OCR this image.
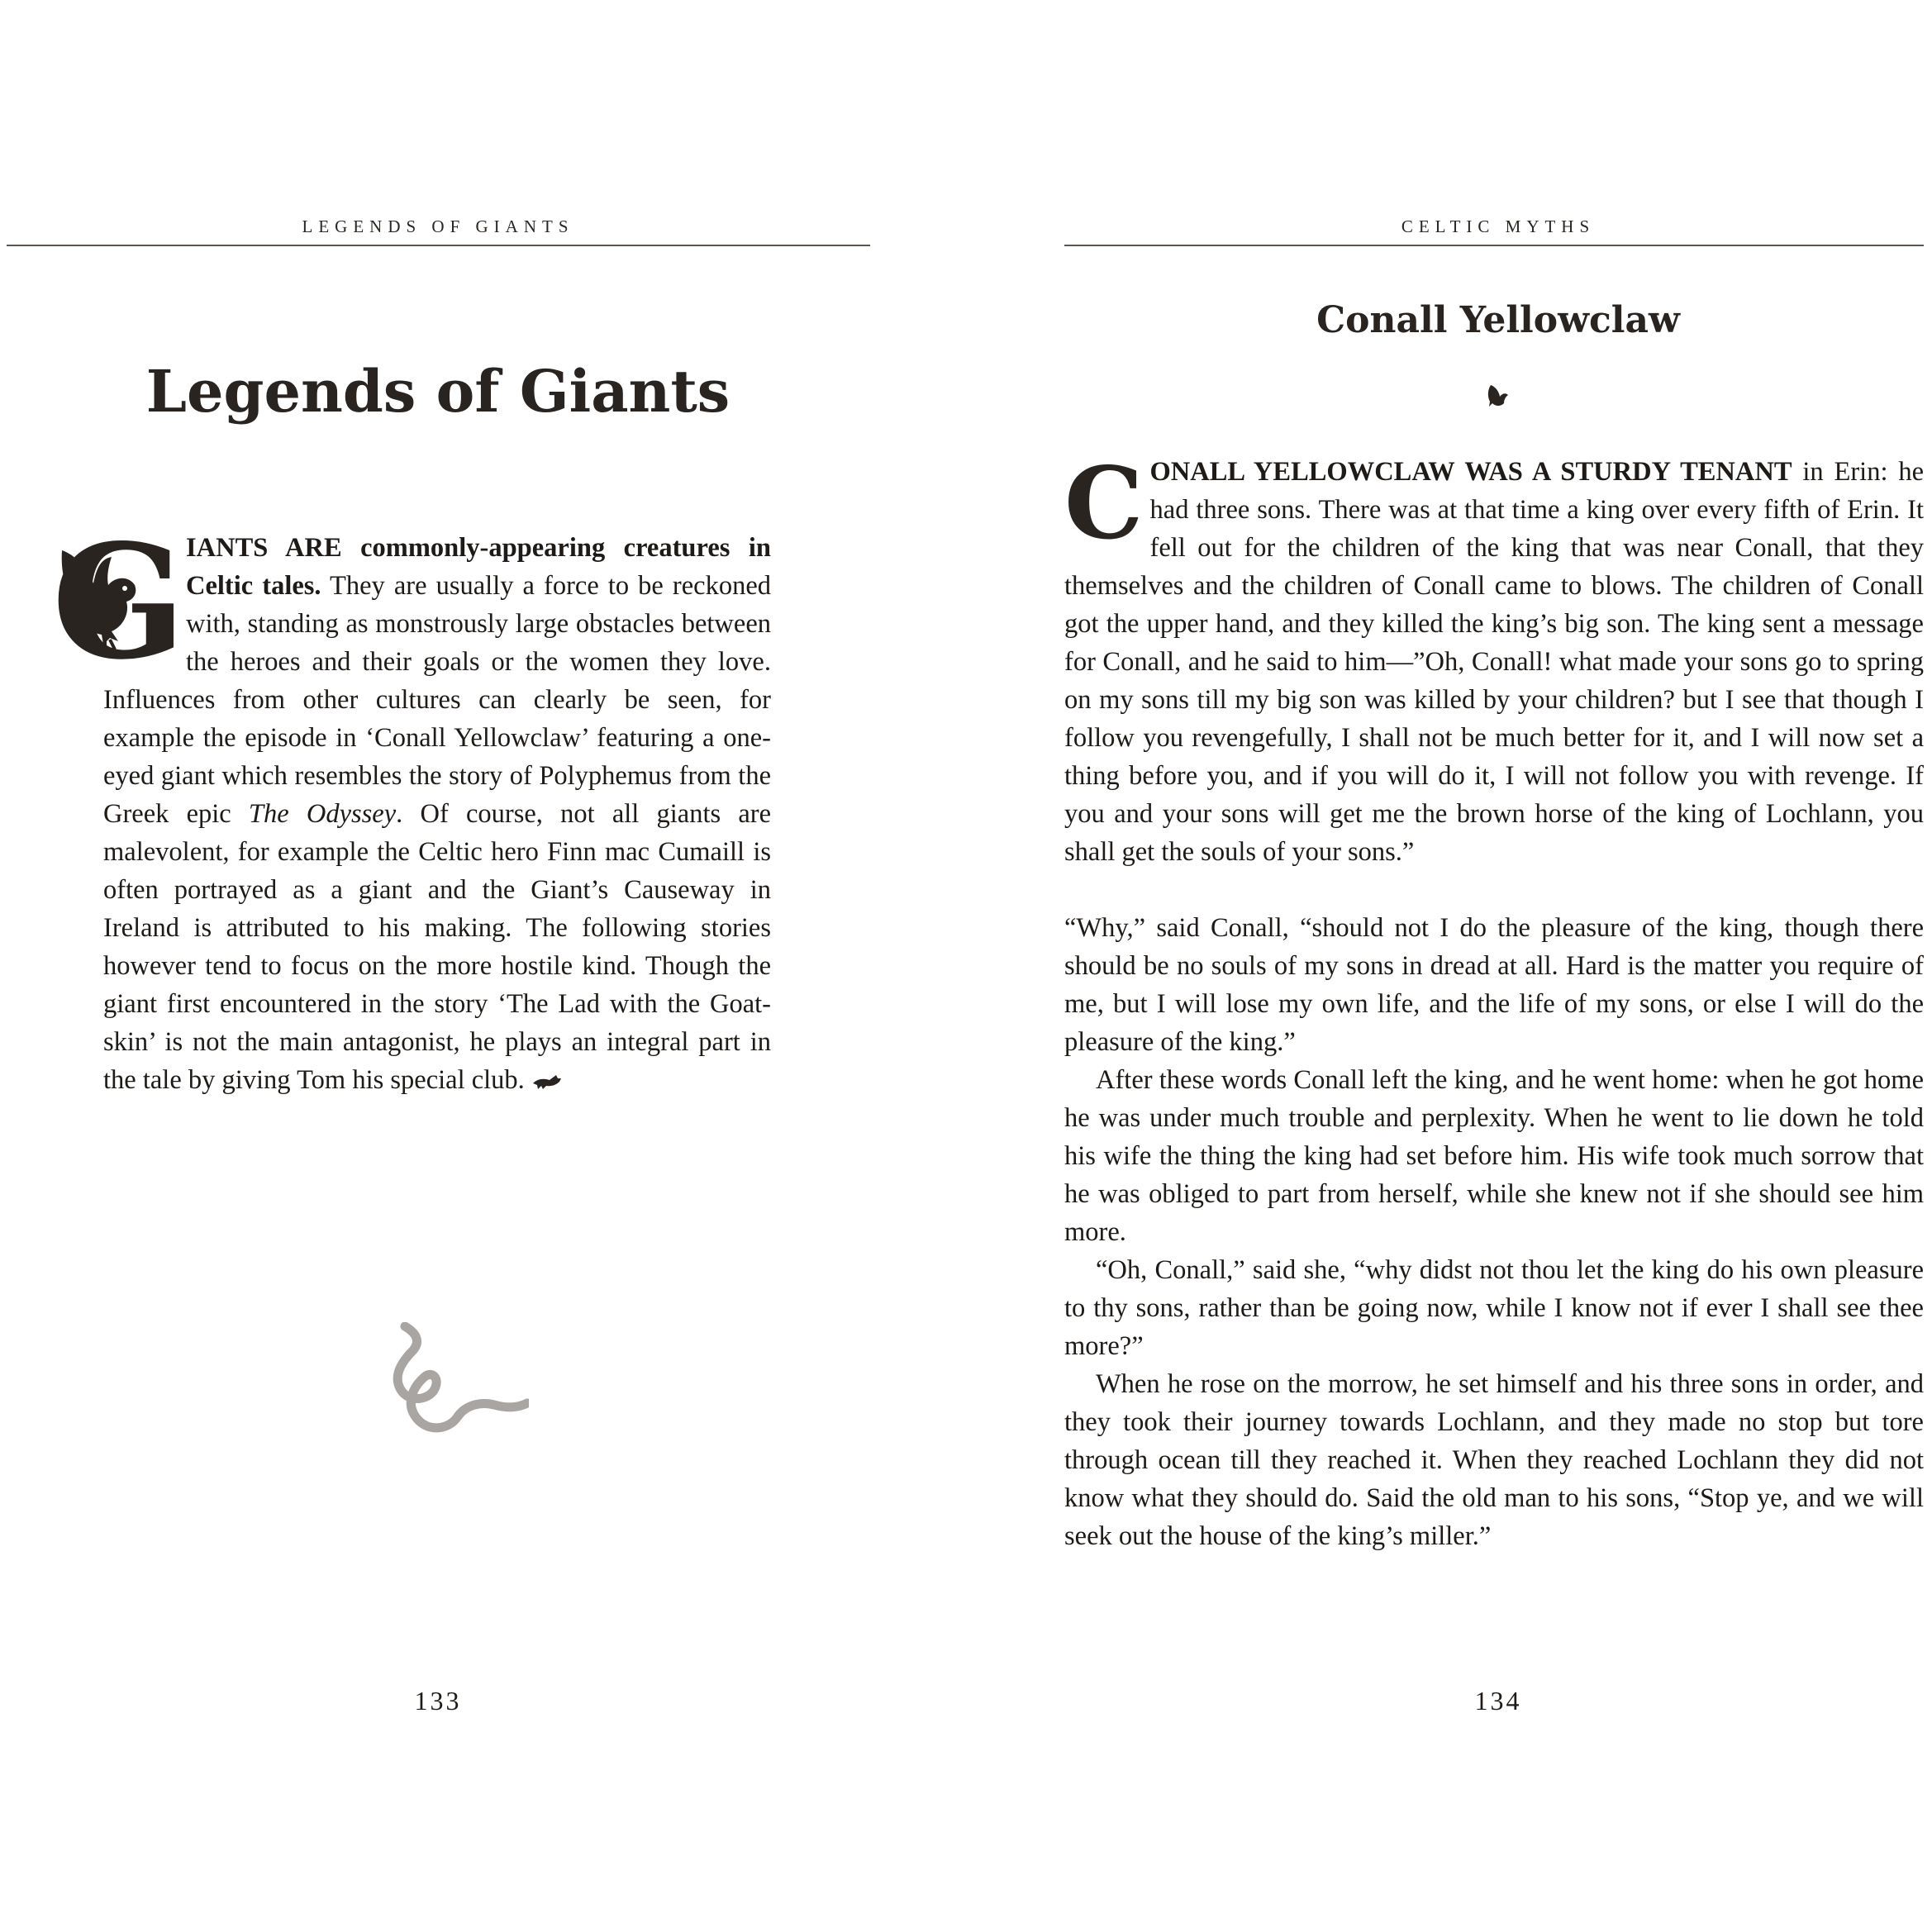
LEGENDS OF GIANTS
Legends of Giants
G IANTS ARE commonly-appearing creatures in Celtic tales. They are usually a force to be reckoned with, standing as monstrously large obstacles between the heroes and their goals or the women they love. Influences from other cultures can clearly be seen, for example the episode in ‘Conall Yellowclaw’ featuring a one-eyed giant which resembles the story of Polyphemus from the Greek epic The Odyssey. Of course, not all giants are malevolent, for example the Celtic hero Finn mac Cumaill is often portrayed as a giant and the Giant’s Causeway in Ireland is attributed to his making. The following stories however tend to focus on the more hostile kind. Though the giant first encountered in the story ‘The Lad with the Goat-skin’ is not the main antagonist, he plays an integral part in the tale by giving Tom his special club.
133
CELTIC MYTHS
Conall Yellowclaw

CONALL YELLOWCLAW WAS A STURDY TENANT in Erin: he had three sons. There was at that time a king over every fifth of Erin. It fell out for the children of the king that was near Conall, that they themselves and the children of Conall came to blows. The children of Conall got the upper hand, and they killed the king’s big son. The king sent a message for Conall, and he said to him—”Oh, Conall! what made your sons go to spring on my sons till my big son was killed by your children? but I see that though I follow you revengefully, I shall not be much better for it, and I will now set a thing before you, and if you will do it, I will not follow you with revenge. If you and your sons will get me the brown horse of the king of Lochlann, you shall get the souls of your sons.”

“Why,” said Conall, “should not I do the pleasure of the king, though there should be no souls of my sons in dread at all. Hard is the matter you require of me, but I will lose my own life, and the life of my sons, or else I will do the pleasure of the king.”

After these words Conall left the king, and he went home: when he got home he was under much trouble and perplexity. When he went to lie down he told his wife the thing the king had set before him. His wife took much sorrow that he was obliged to part from herself, while she knew not if she should see him more.

“Oh, Conall,” said she, “why didst not thou let the king do his own pleasure to thy sons, rather than be going now, while I know not if ever I shall see thee more?”

When he rose on the morrow, he set himself and his three sons in order, and they took their journey towards Lochlann, and they made no stop but tore through ocean till they reached it. When they reached Lochlann they did not know what they should do. Said the old man to his sons, “Stop ye, and we will seek out the house of the king’s miller.”

134
